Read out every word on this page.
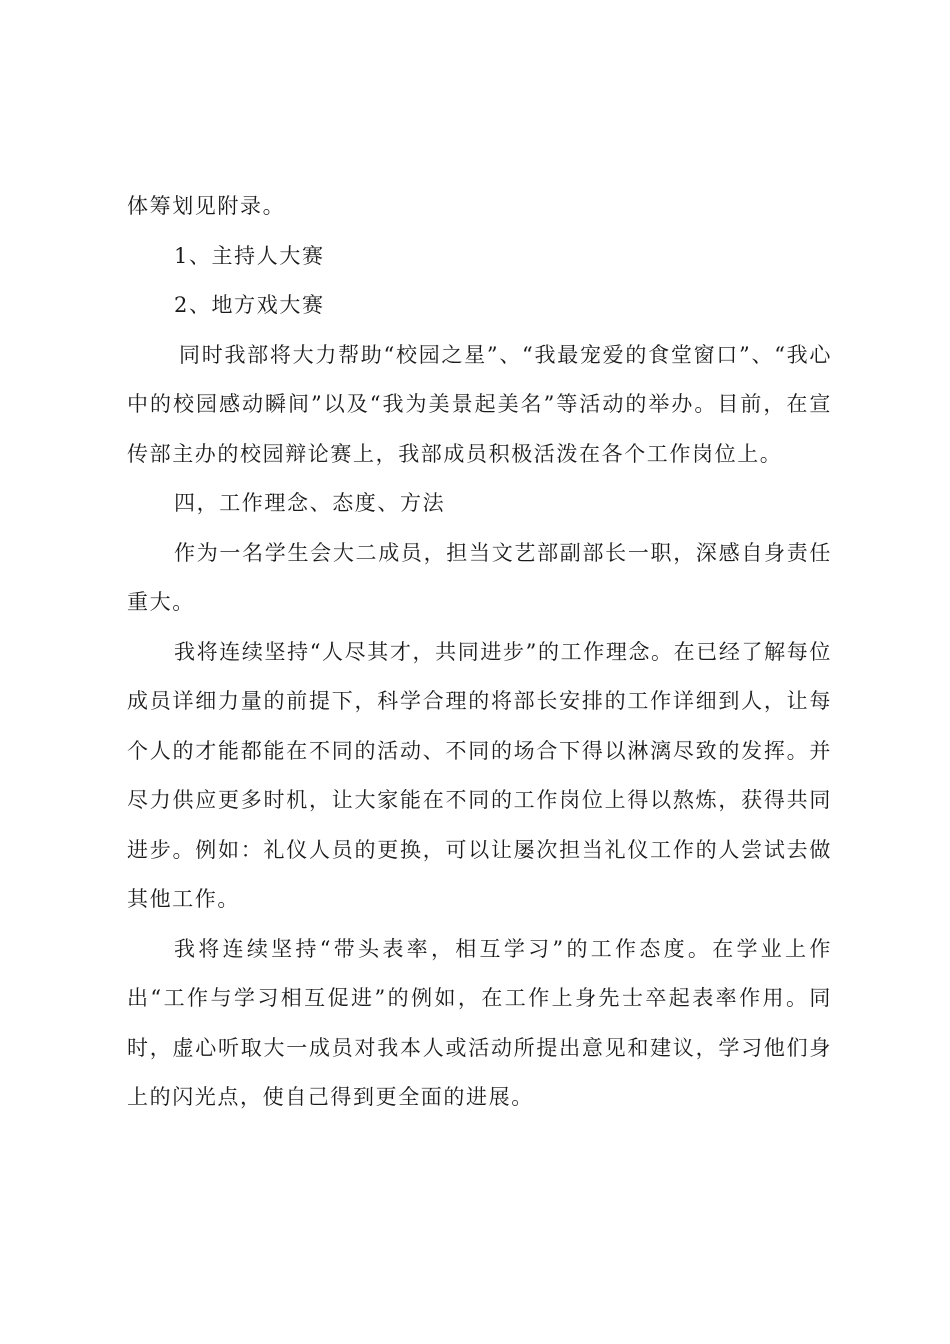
体筹划见附录。

1、主持人大赛

2、地方戏大赛

同时我部将大力帮助“校园之星”、“我最宠爱的食堂窗口”、“我心中的校园感动瞬间”以及“我为美景起美名”等活动的举办。目前，在宣传部主办的校园辩论赛上，我部成员积极活泼在各个工作岗位上。

四，工作理念、态度、方法

作为一名学生会大二成员，担当文艺部副部长一职，深感自身责任重大。

我将连续坚持“人尽其才，共同进步”的工作理念。在已经了解每位成员详细力量的前提下，科学合理的将部长安排的工作详细到人，让每个人的才能都能在不同的活动、不同的场合下得以淋漓尽致的发挥。并尽力供应更多时机，让大家能在不同的工作岗位上得以熬炼，获得共同进步。例如：礼仪人员的更换，可以让屡次担当礼仪工作的人尝试去做其他工作。

我将连续坚持“带头表率，相互学习”的工作态度。在学业上作出“工作与学习相互促进”的例如，在工作上身先士卒起表率作用。同时，虚心听取大一成员对我本人或活动所提出意见和建议，学习他们身上的闪光点，使自己得到更全面的进展。
